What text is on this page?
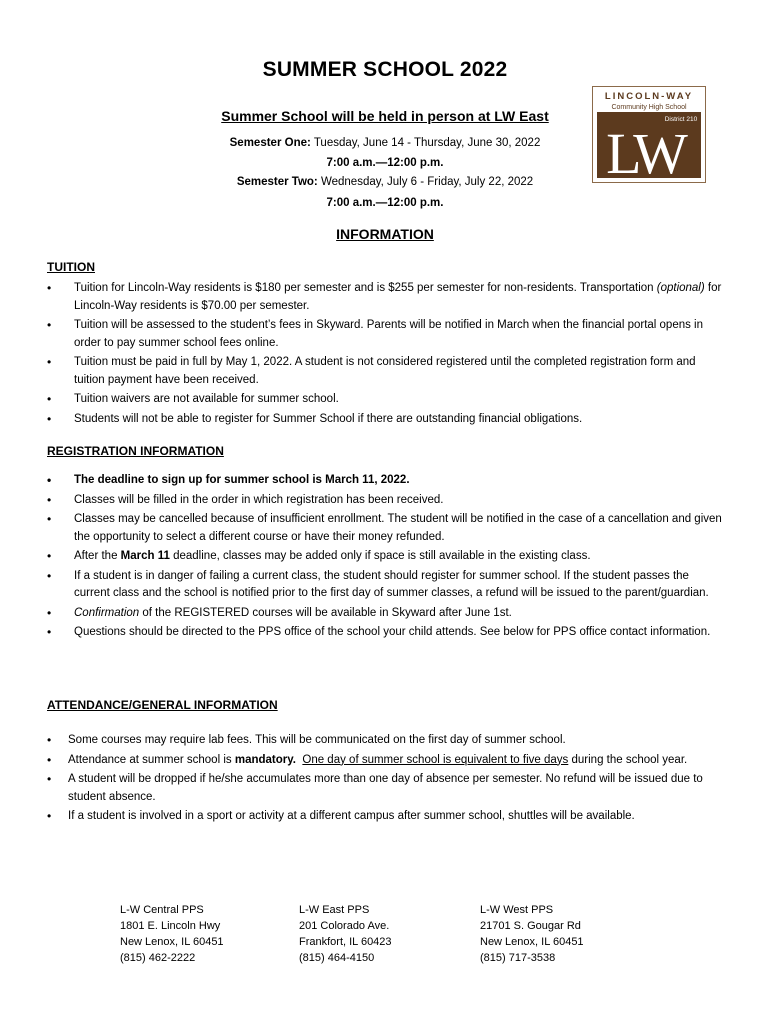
SUMMER SCHOOL 2022
Summer School will be held in person at LW East
Semester One: Tuesday, June 14 - Thursday, June 30, 2022
7:00 a.m.—12:00 p.m.
Semester Two: Wednesday, July 6 - Friday, July 22, 2022
7:00 a.m.—12:00 p.m.
LINCOLN-WAY
Community High School
District 210
LW
INFORMATION
TUITION
• Tuition for Lincoln-Way residents is $180 per semester and is $255 per semester for non-residents. Transportation (optional) for Lincoln-Way residents is $70.00 per semester.
• Tuition will be assessed to the student’s fees in Skyward. Parents will be notified in March when the financial portal opens in order to pay summer school fees online.
• Tuition must be paid in full by May 1, 2022. A student is not considered registered until the completed registration form and tuition payment have been received.
• Tuition waivers are not available for summer school.
• Students will not be able to register for Summer School if there are outstanding financial obligations.
REGISTRATION INFORMATION
• The deadline to sign up for summer school is March 11, 2022.
• Classes will be filled in the order in which registration has been received.
• Classes may be cancelled because of insufficient enrollment. The student will be notified in the case of a cancellation and given the opportunity to select a different course or have their money refunded.
• After the March 11 deadline, classes may be added only if space is still available in the existing class.
• If a student is in danger of failing a current class, the student should register for summer school. If the student passes the current class and the school is notified prior to the first day of summer classes, a refund will be issued to the parent/guardian.
• Confirmation of the REGISTERED courses will be available in Skyward after June 1st.
• Questions should be directed to the PPS office of the school your child attends. See below for PPS office contact information.
ATTENDANCE/GENERAL INFORMATION
• Some courses may require lab fees. This will be communicated on the first day of summer school.
• Attendance at summer school is mandatory. One day of summer school is equivalent to five days during the school year.
• A student will be dropped if he/she accumulates more than one day of absence per semester. No refund will be issued due to student absence.
• If a student is involved in a sport or activity at a different campus after summer school, shuttles will be available.
L-W Central PPS
1801 E. Lincoln Hwy
New Lenox, IL 60451
(815) 462-2222
L-W East PPS
201 Colorado Ave.
Frankfort, IL 60423
(815) 464-4150
L-W West PPS
21701 S. Gougar Rd
New Lenox, IL 60451
(815) 717-3538
